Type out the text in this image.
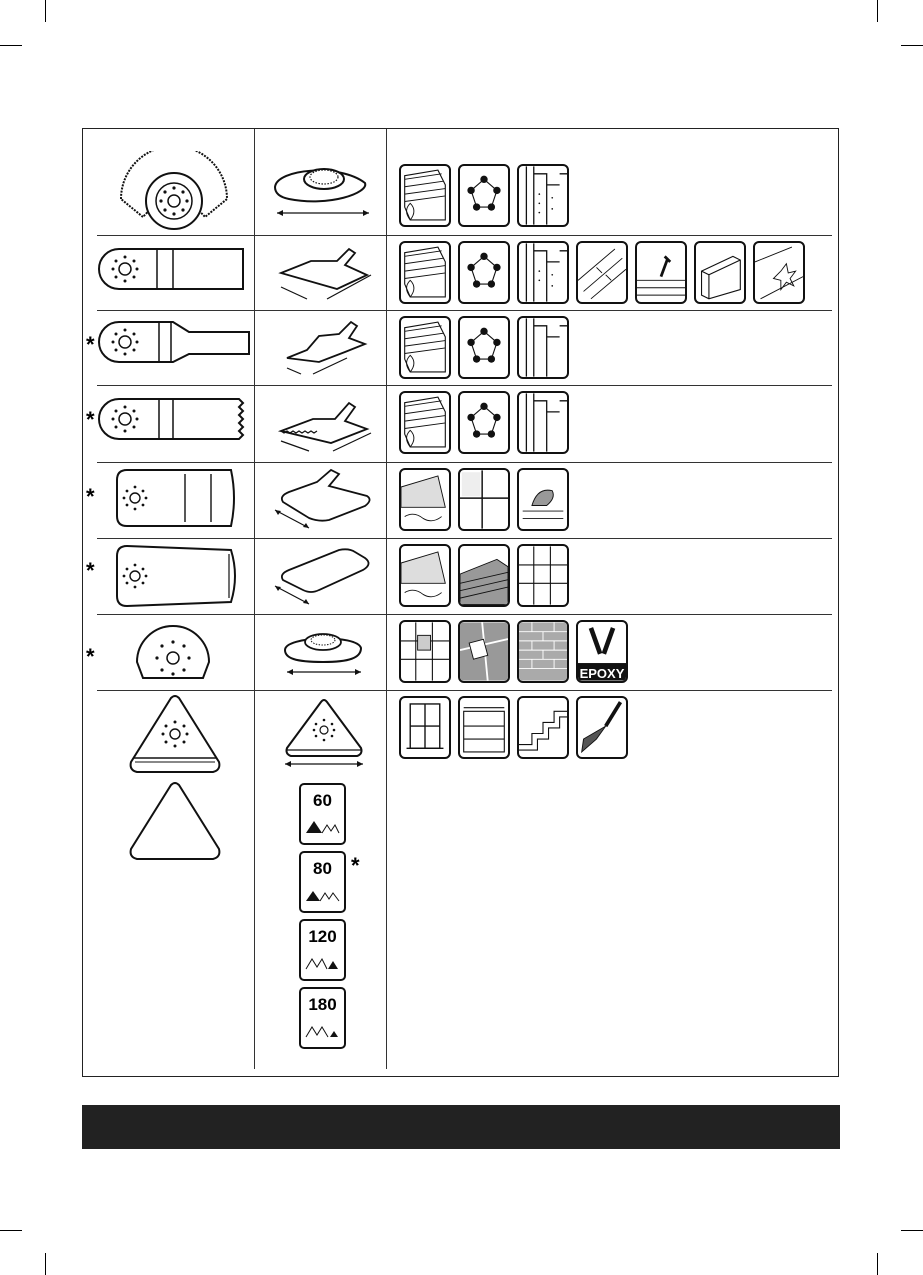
*
*
*
*
*
60
80 *
120
180
EPOXY
